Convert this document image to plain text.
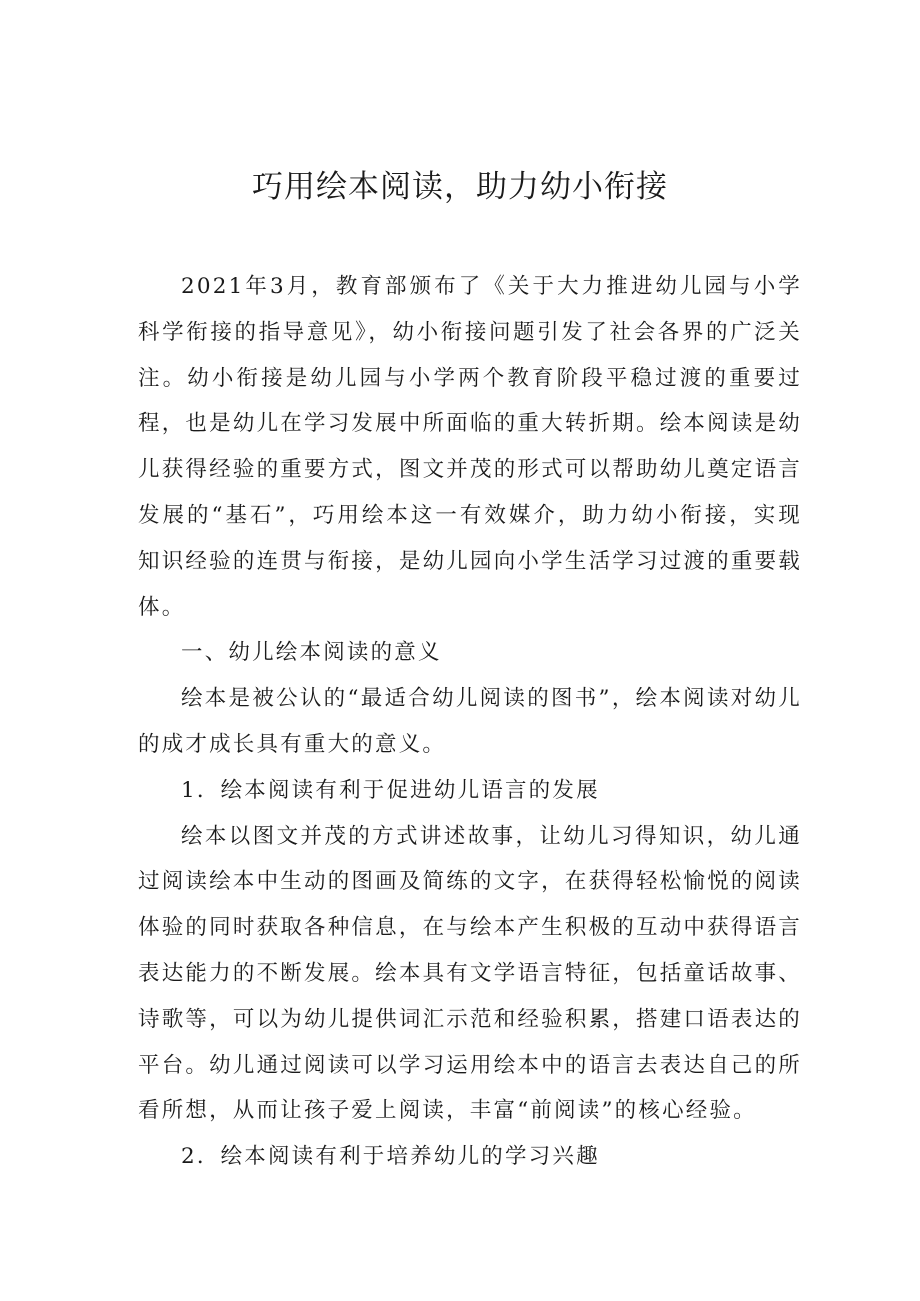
巧用绘本阅读，助力幼小衔接

2021年3月，教育部颁布了《关于大力推进幼儿园与小学科学衔接的指导意见》，幼小衔接问题引发了社会各界的广泛关注。幼小衔接是幼儿园与小学两个教育阶段平稳过渡的重要过程，也是幼儿在学习发展中所面临的重大转折期。绘本阅读是幼儿获得经验的重要方式，图文并茂的形式可以帮助幼儿奠定语言发展的“基石”，巧用绘本这一有效媒介，助力幼小衔接，实现知识经验的连贯与衔接，是幼儿园向小学生活学习过渡的重要载体。

一、幼儿绘本阅读的意义

绘本是被公认的“最适合幼儿阅读的图书”，绘本阅读对幼儿的成才成长具有重大的意义。

1．绘本阅读有利于促进幼儿语言的发展

绘本以图文并茂的方式讲述故事，让幼儿习得知识，幼儿通过阅读绘本中生动的图画及简练的文字，在获得轻松愉悦的阅读体验的同时获取各种信息，在与绘本产生积极的互动中获得语言表达能力的不断发展。绘本具有文学语言特征，包括童话故事、诗歌等，可以为幼儿提供词汇示范和经验积累，搭建口语表达的平台。幼儿通过阅读可以学习运用绘本中的语言去表达自己的所看所想，从而让孩子爱上阅读，丰富“前阅读”的核心经验。

2．绘本阅读有利于培养幼儿的学习兴趣
